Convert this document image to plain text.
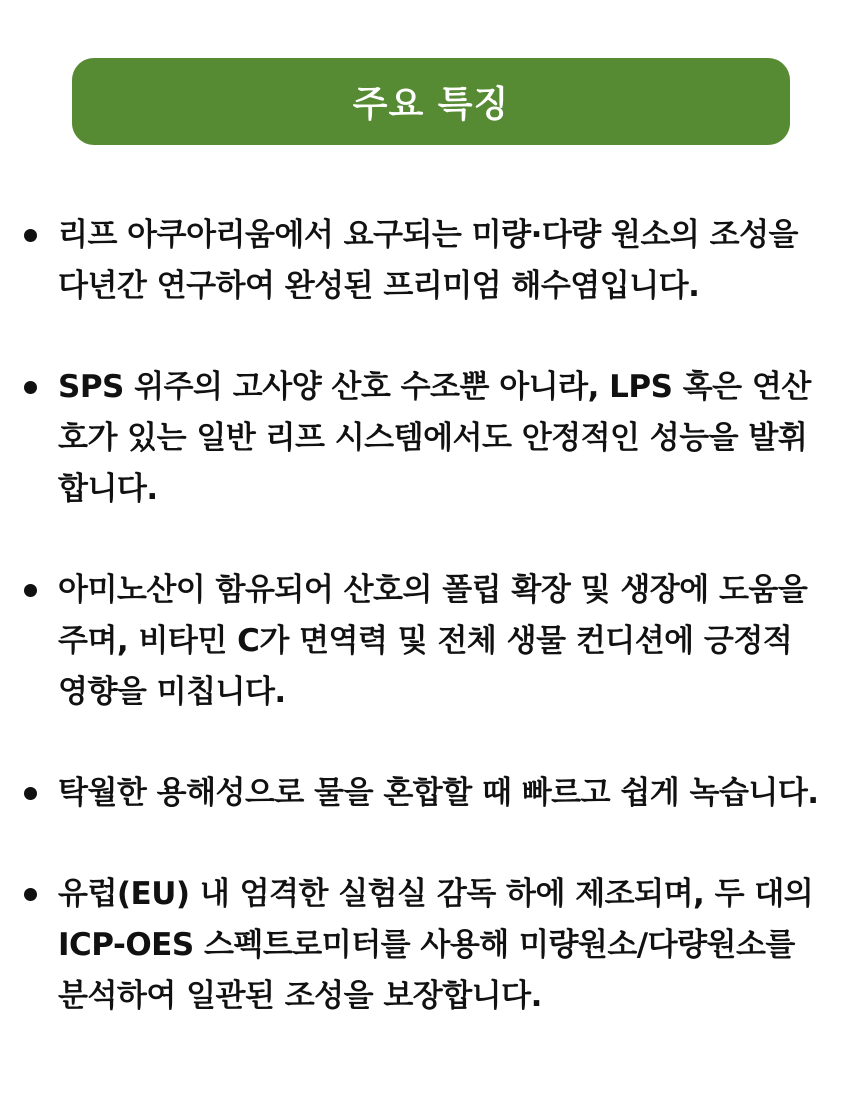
주요 특징
리프 아쿠아리움에서 요구되는 미량·다량 원소의 조성을
다년간 연구하여 완성된 프리미엄 해수염입니다.
SPS 위주의 고사양 산호 수조뿐 아니라, LPS 혹은 연산
호가 있는 일반 리프 시스템에서도 안정적인 성능을 발휘
합니다.
아미노산이 함유되어 산호의 폴립 확장 및 생장에 도움을
주며, 비타민 C가 면역력 및 전체 생물 컨디션에 긍정적
영향을 미칩니다.
탁월한 용해성으로 물을 혼합할 때 빠르고 쉽게 녹습니다.
유럽(EU) 내 엄격한 실험실 감독 하에 제조되며, 두 대의
ICP-OES 스펙트로미터를 사용해 미량원소/다량원소를
분석하여 일관된 조성을 보장합니다.
